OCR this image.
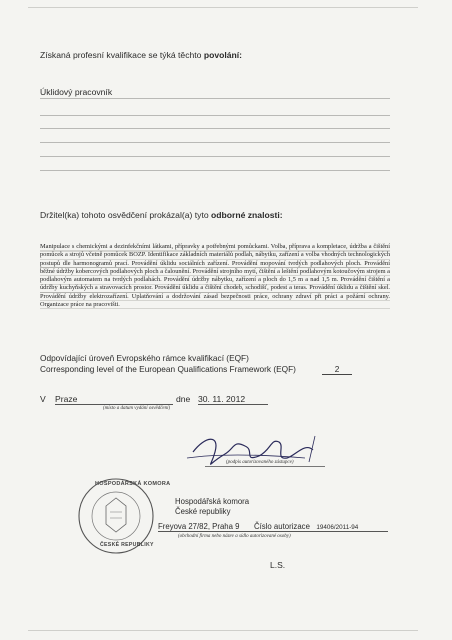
Získaná profesní kvalifikace se týká těchto povolání:
Úklidový pracovník
Držitel(ka) tohoto osvědčení prokázal(a) tyto odborné znalosti:
Manipulace s chemickými a dezinfekčními látkami, přípravky a potřebnými pomůckami. Volba, příprava a kompletace, údržba a čištění pomůcek a strojů včetně pomůcek BOZP. Identifikace základních materiálů podlah, nábytku, zařízení a volba vhodných technologických postupů dle harmonogramů prací. Provádění úklidu sociálních zařízení. Provádění mopování tvrdých podlahových ploch. Provádění běžné údržby kobercových podlahových ploch a čalounění. Provádění strojního mytí, čištění a leštění podlahovým kotoučovým strojem a podlahovým automatem na tvrdých podlahách. Provádění údržby nábytku, zařízení a ploch do 1,5 m a nad 1,5 m. Provádění čištění a údržby kuchyňských a stravovacích prostor. Provádění úklidu a čištění chodeb, schodišť, podest a teras. Provádění úklidu a čištění skel. Provádění údržby elektrozařízení. Uplatňování a dodržování zásad bezpečnosti práce, ochrany zdraví při práci a požární ochrany. Organizace práce na pracovišti.
Odpovídající úroveň Evropského rámce kvalifikací (EQF)
Corresponding level of the European Qualifications Framework (EQF)	2
V Praze	dne 30. 11. 2012
(místo a datum vydání osvědčení)
(podpis autorizovaného zástupce)
HOSPODÁŘSKÁ KOMORA
ČESKÉ REPUBLIKY
Hospodářská komora
České republiky
Freyova 27/82, Praha 9 Číslo autorizace 19406/2011-94
(obchodní firma nebo název a sídlo autorizované osoby)
L.S.
